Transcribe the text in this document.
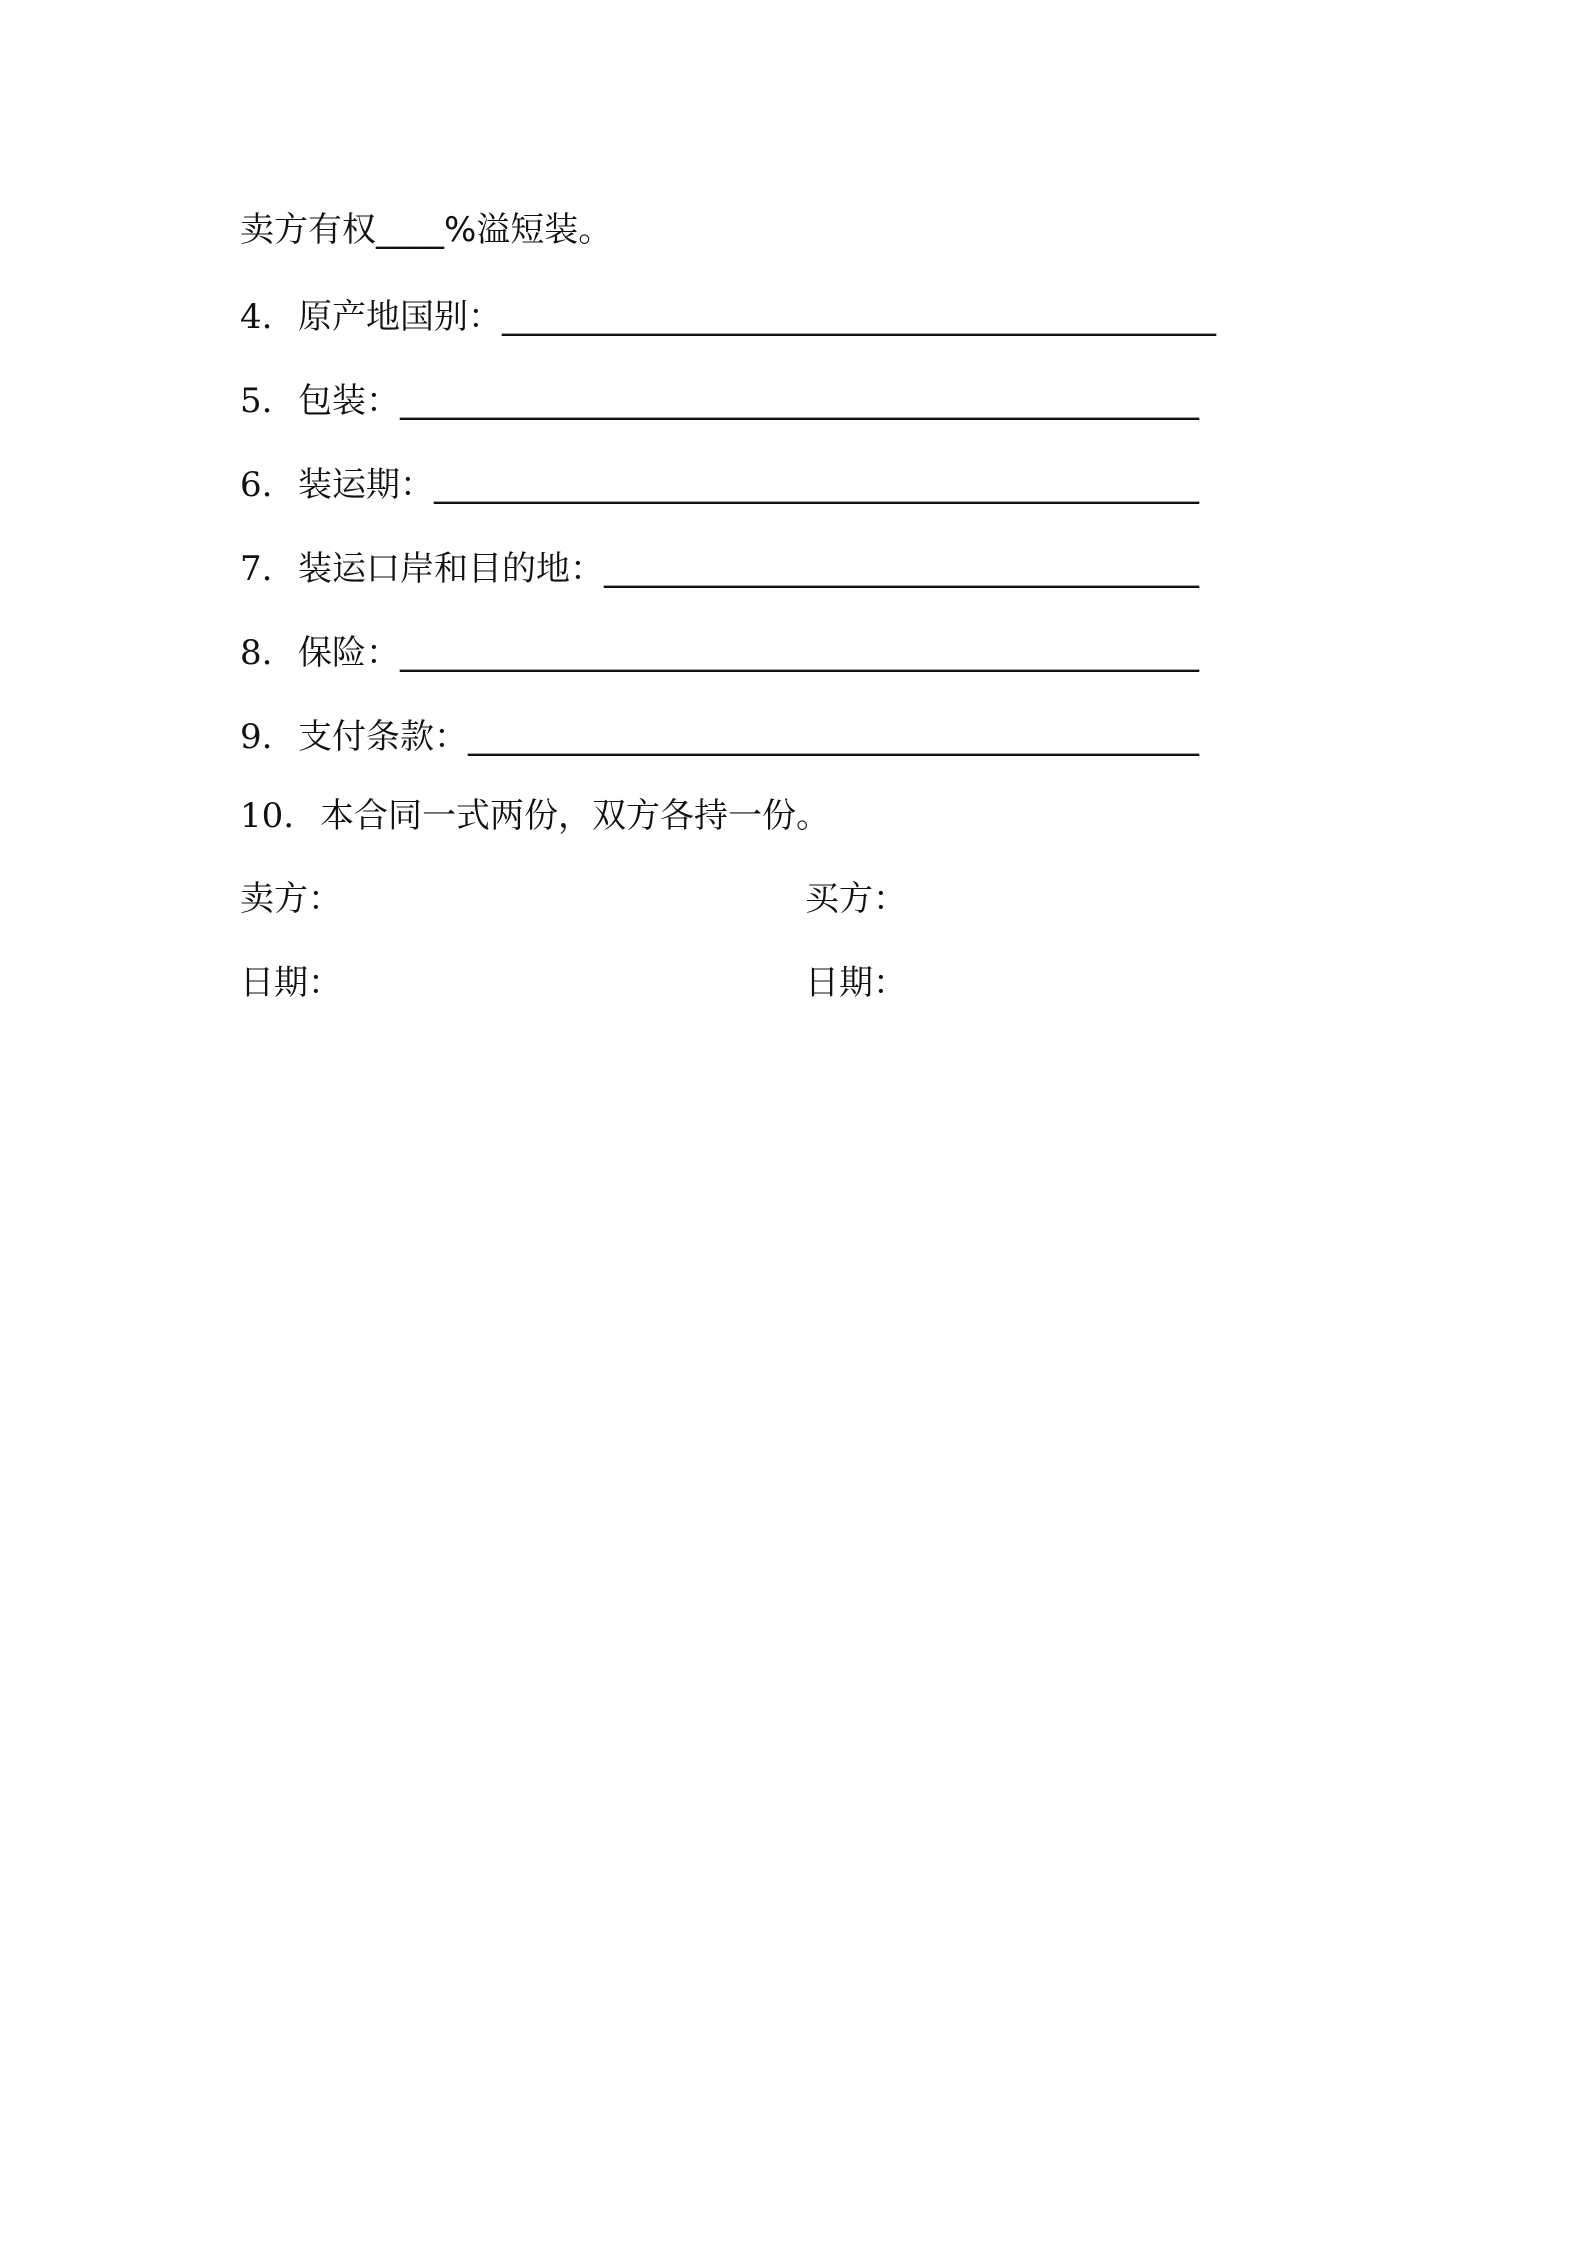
卖方有权____%溢短装。
4. 原产地国别：__________________________________________
5. 包装：_______________________________________________
6. 装运期：_____________________________________________
7. 装运口岸和目的地：___________________________________
8. 保险：_______________________________________________
9. 支付条款：___________________________________________
10. 本合同一式两份，双方各持一份。
卖方：	买方：
日期：	日期：
